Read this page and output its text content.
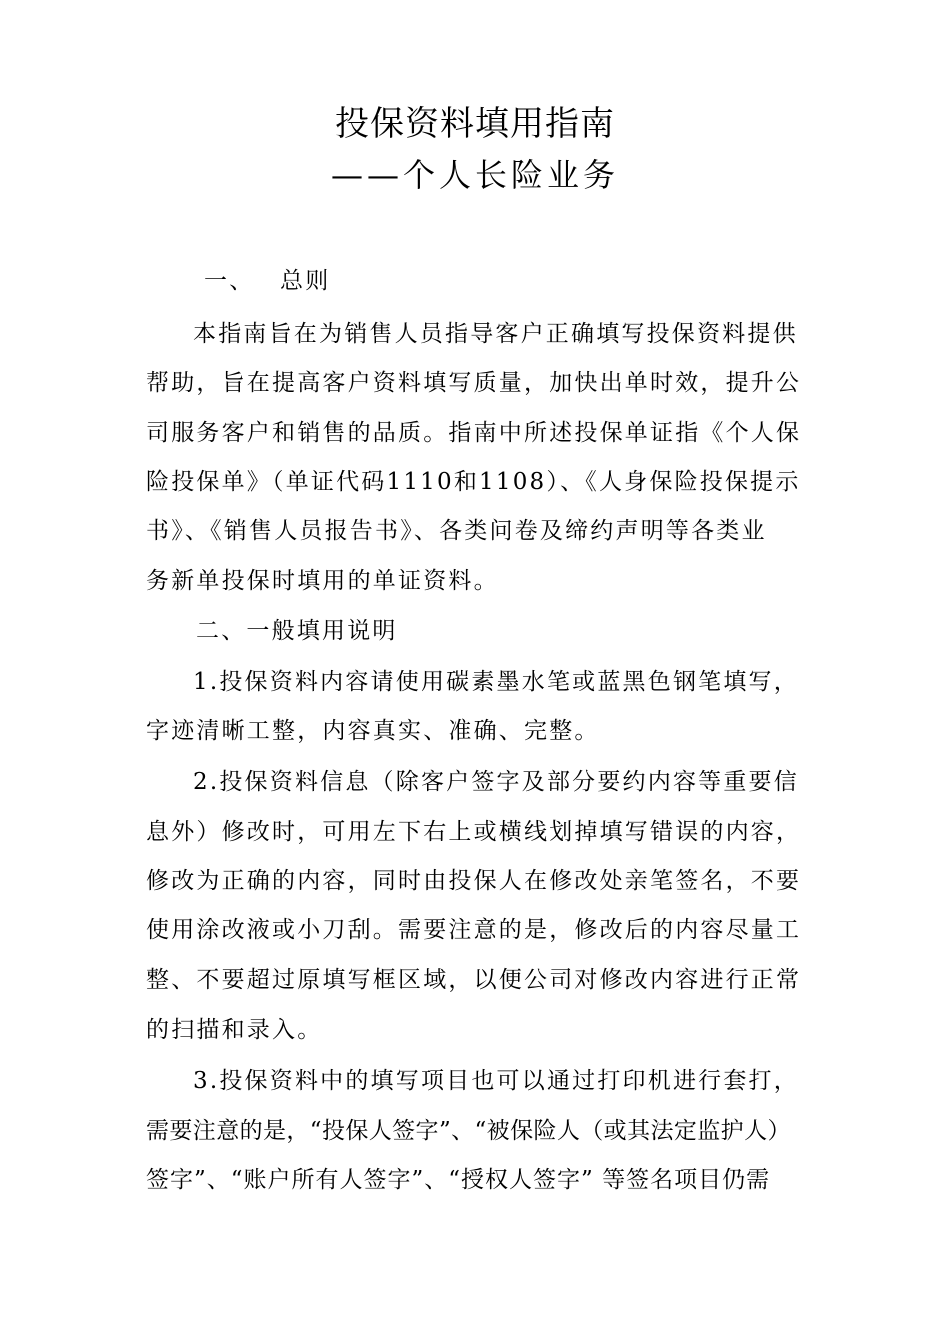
投保资料填用指南
——个人长险业务
一、 总则
本指南旨在为销售人员指导客户正确填写投保资料提供
帮助，旨在提高客户资料填写质量，加快出单时效，提升公
司服务客户和销售的品质。指南中所述投保单证指《个人保
险投保单》（单证代码1110和1108）、《人身保险投保提示
书》、《销售人员报告书》、各类问卷及缔约声明等各类业
务新单投保时填用的单证资料。
二、一般填用说明
1.投保资料内容请使用碳素墨水笔或蓝黑色钢笔填写，
字迹清晰工整，内容真实、准确、完整。
2.投保资料信息（除客户签字及部分要约内容等重要信
息外）修改时，可用左下右上或横线划掉填写错误的内容，
修改为正确的内容，同时由投保人在修改处亲笔签名，不要
使用涂改液或小刀刮。需要注意的是，修改后的内容尽量工
整、不要超过原填写框区域，以便公司对修改内容进行正常
的扫描和录入。
3.投保资料中的填写项目也可以通过打印机进行套打，
需要注意的是，“投保人签字”、“被保险人（或其法定监护人）
签字”、“账户所有人签字”、“授权人签字” 等签名项目仍需
